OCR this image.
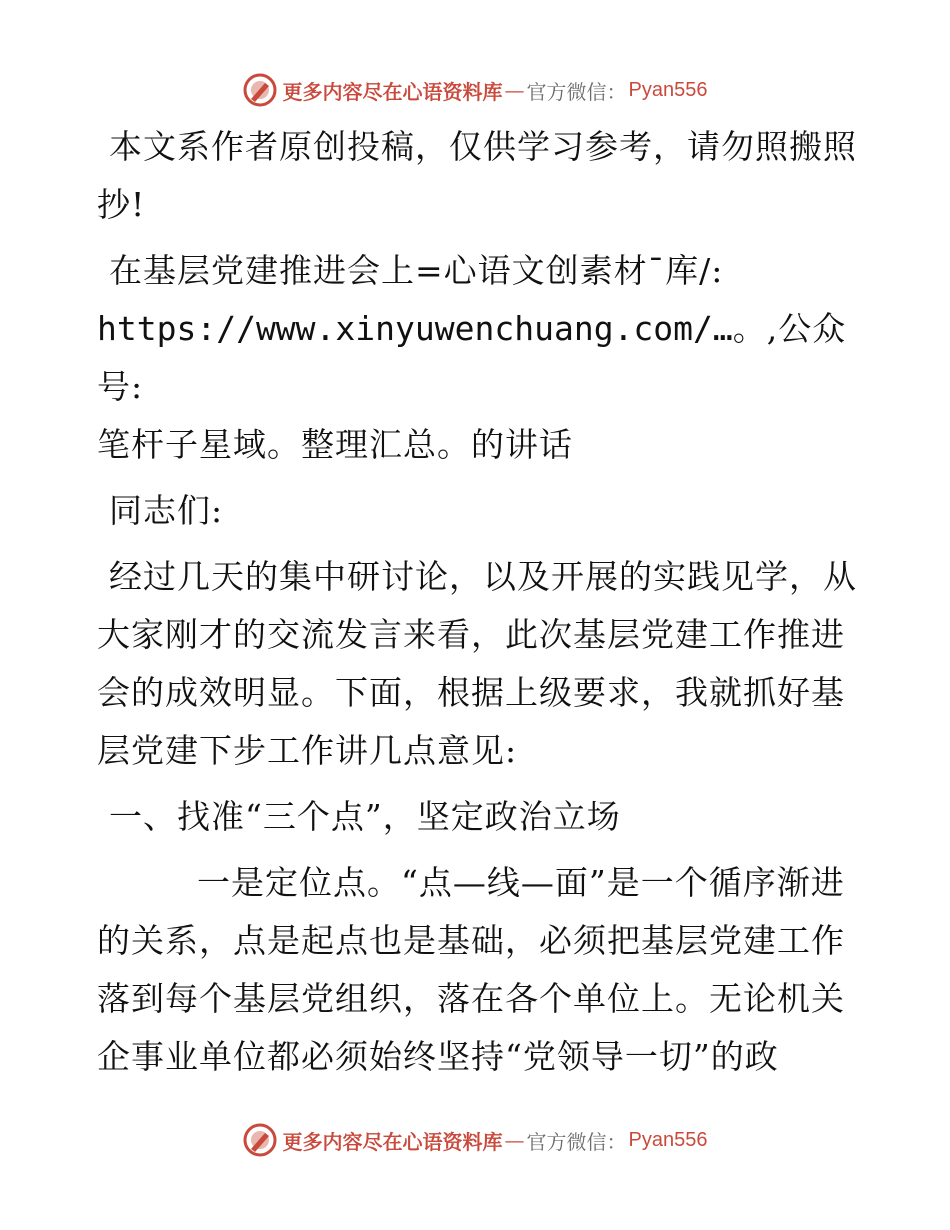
更多内容尽在心语资料库 — 官方微信： Pyan556

本文系作者原创投稿，仅供学习参考，请勿照搬照抄!

在基层党建推进会上=心语文创素材¯库/:
https://www.xinyuwenchuang.com/…。,公众号:
笔杆子星域。整理汇总。的讲话

同志们:

经过几天的集中研讨论，以及开展的实践见学，从大家刚才的交流发言来看，此次基层党建工作推进会的成效明显。下面，根据上级要求，我就抓好基层党建下步工作讲几点意见:

一、找准“三个点”，坚定政治立场

一是定位点。“点—线—面”是一个循序渐进的关系，点是起点也是基础，必须把基层党建工作落到每个基层党组织，落在各个单位上。无论机关企事业单位都必须始终坚持“党领导一切”的政

更多内容尽在心语资料库 — 官方微信： Pyan556
